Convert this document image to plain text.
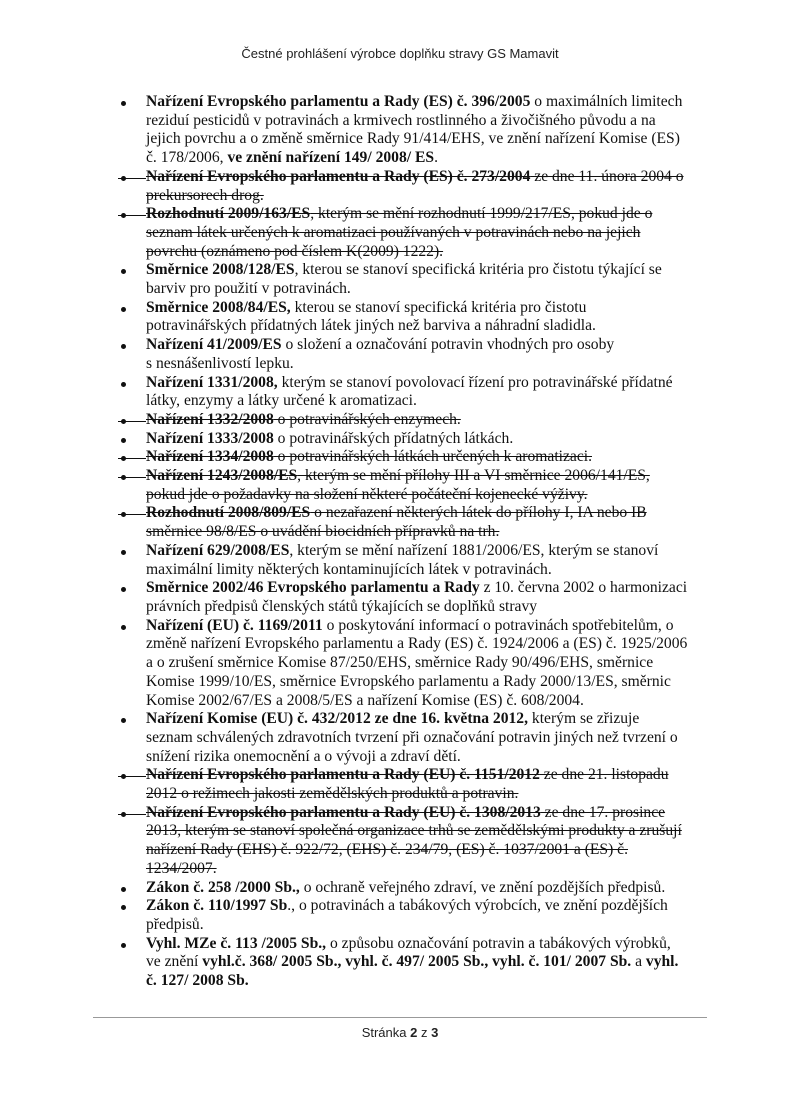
Čestné prohlášení výrobce doplňku stravy GS Mamavit

Nařízení Evropského parlamentu a Rady (ES) č. 396/2005 o maximálních limitech
reziduí pesticidů v potravinách a krmivech rostlinného a živočišného původu a na
jejich povrchu a o změně směrnice Rady 91/414/EHS, ve znění nařízení Komise (ES)
č. 178/2006, ve znění nařízení 149/ 2008/ ES.

Nařízení Evropského parlamentu a Rady (ES) č. 273/2004 ze dne 11. února 2004 o
prekursorech drog.

Rozhodnutí 2009/163/ES, kterým se mění rozhodnutí 1999/217/ES, pokud jde o
seznam látek určených k aromatizaci používaných v potravinách nebo na jejich
povrchu (oznámeno pod číslem K(2009) 1222).

Směrnice 2008/128/ES, kterou se stanoví specifická kritéria pro čistotu týkající se
barviv pro použití v potravinách.

Směrnice 2008/84/ES, kterou se stanoví specifická kritéria pro čistotu
potravinářských přídatných látek jiných než barviva a náhradní sladidla.

Nařízení 41/2009/ES o složení a označování potravin vhodných pro osoby
s nesnášenlivostí lepku.

Nařízení 1331/2008, kterým se stanoví povolovací řízení pro potravinářské přídatné
látky, enzymy a látky určené k aromatizaci.

Nařízení 1332/2008 o potravinářských enzymech.

Nařízení 1333/2008 o potravinářských přídatných látkách.

Nařízení 1334/2008 o potravinářských látkách určených k aromatizaci.

Nařízení 1243/2008/ES, kterým se mění přílohy III a VI směrnice 2006/141/ES,
pokud jde o požadavky na složení některé počáteční kojenecké výživy.

Rozhodnutí 2008/809/ES o nezařazení některých látek do přílohy I, IA nebo IB
směrnice 98/8/ES o uvádění biocidních přípravků na trh.

Nařízení 629/2008/ES, kterým se mění nařízení 1881/2006/ES, kterým se stanoví
maximální limity některých kontaminujících látek v potravinách.

Směrnice 2002/46 Evropského parlamentu a Rady z 10. června 2002 o harmonizaci
právních předpisů členských států týkajících se doplňků stravy

Nařízení (EU) č. 1169/2011 o poskytování informací o potravinách spotřebitelům, o
změně nařízení Evropského parlamentu a Rady (ES) č. 1924/2006 a (ES) č. 1925/2006
a o zrušení směrnice Komise 87/250/EHS, směrnice Rady 90/496/EHS, směrnice
Komise 1999/10/ES, směrnice Evropského parlamentu a Rady 2000/13/ES, směrnic
Komise 2002/67/ES a 2008/5/ES a nařízení Komise (ES) č. 608/2004.

Nařízení Komise (EU) č. 432/2012 ze dne 16. května 2012, kterým se zřizuje
seznam schválených zdravotních tvrzení při označování potravin jiných než tvrzení o
snížení rizika onemocnění a o vývoji a zdraví dětí.

Nařízení Evropského parlamentu a Rady (EU) č. 1151/2012 ze dne 21. listopadu
2012 o režimech jakosti zemědělských produktů a potravin.

Nařízení Evropského parlamentu a Rady (EU) č. 1308/2013 ze dne 17. prosince
2013, kterým se stanoví společná organizace trhů se zemědělskými produkty a zrušují
nařízení Rady (EHS) č. 922/72, (EHS) č. 234/79, (ES) č. 1037/2001 a (ES) č.
1234/2007.

Zákon č. 258 /2000 Sb., o ochraně veřejného zdraví, ve znění pozdějších předpisů.

Zákon č. 110/1997 Sb., o potravinách a tabákových výrobcích, ve znění pozdějších
předpisů.

Vyhl. MZe č. 113 /2005 Sb., o způsobu označování potravin a tabákových výrobků,
ve znění vyhl.č. 368/ 2005 Sb., vyhl. č. 497/ 2005 Sb., vyhl. č. 101/ 2007 Sb. a vyhl.
č. 127/ 2008 Sb.
Stránka 2 z 3
